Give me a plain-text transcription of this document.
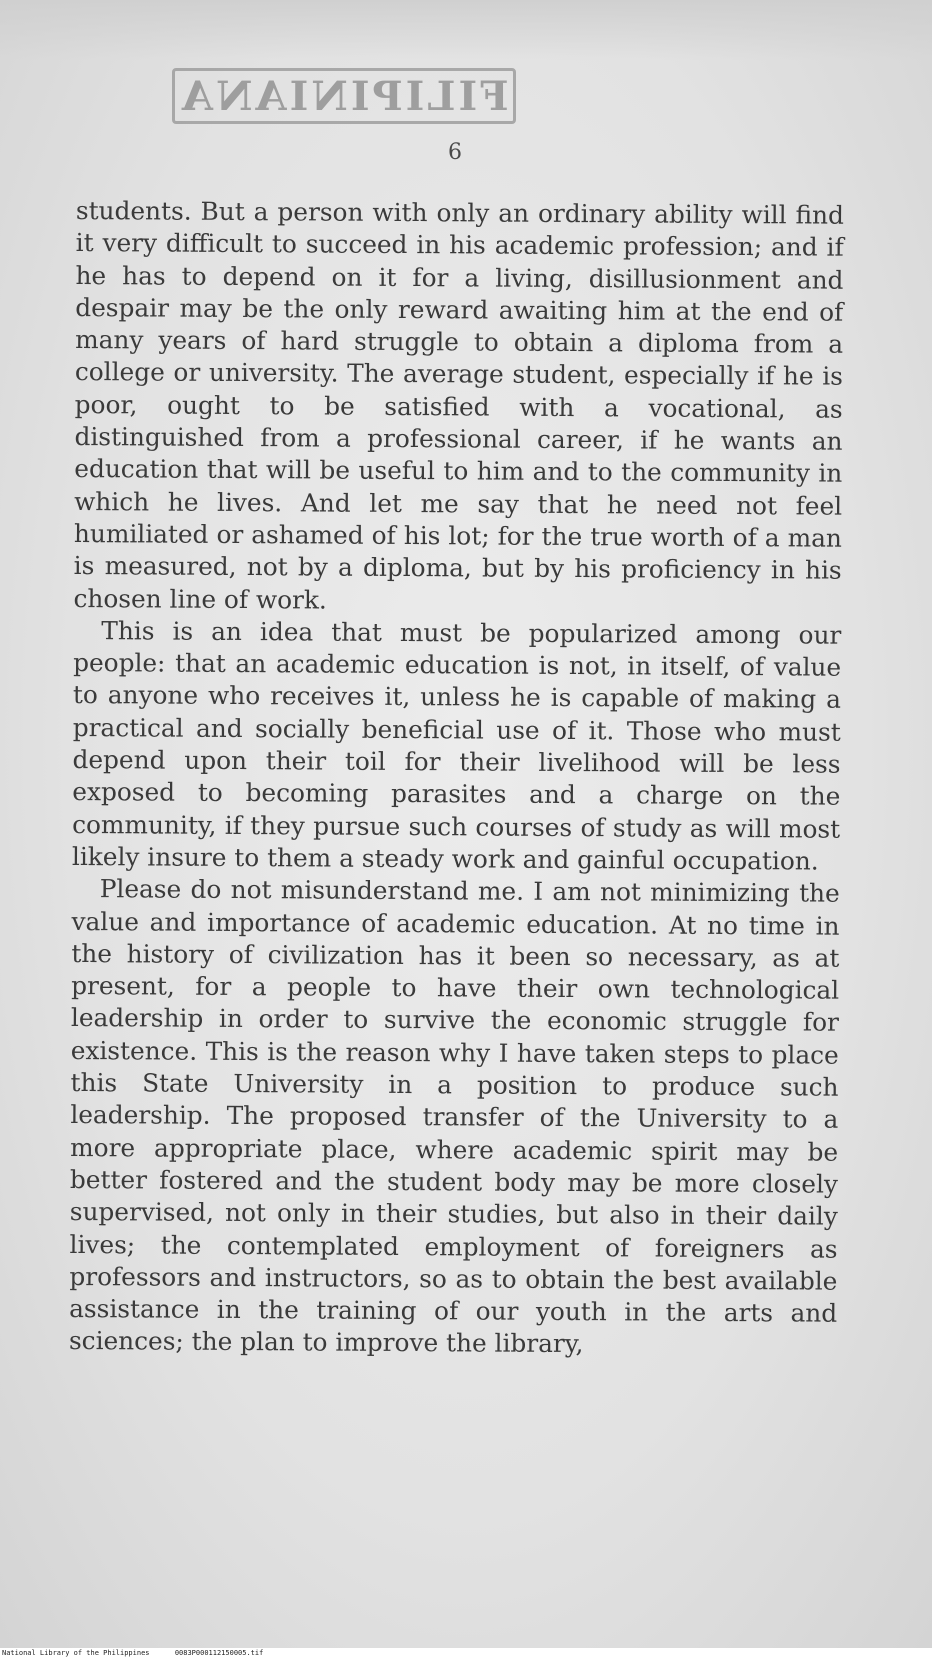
FILIPINIANA
6

students. But a person with only an ordinary ability will find it very difficult to succeed in his academic profession; and if he has to depend on it for a living, disillusionment and despair may be the only reward awaiting him at the end of many years of hard struggle to obtain a diploma from a college or university. The average student, especially if he is poor, ought to be satisfied with a vocational, as distinguished from a professional career, if he wants an education that will be useful to him and to the community in which he lives. And let me say that he need not feel humiliated or ashamed of his lot; for the true worth of a man is measured, not by a diploma, but by his proficiency in his chosen line of work.

This is an idea that must be popularized among our people: that an academic education is not, in itself, of value to anyone who receives it, unless he is capable of making a practical and socially beneficial use of it. Those who must depend upon their toil for their livelihood will be less exposed to becoming parasites and a charge on the community, if they pursue such courses of study as will most likely insure to them a steady work and gainful occupation.

Please do not misunderstand me. I am not minimizing the value and importance of academic education. At no time in the history of civilization has it been so necessary, as at present, for a people to have their own technological leadership in order to survive the economic struggle for existence. This is the reason why I have taken steps to place this State University in a position to produce such leadership. The proposed transfer of the University to a more appropriate place, where academic spirit may be better fostered and the student body may be more closely supervised, not only in their studies, but also in their daily lives; the contemplated employment of foreigners as professors and instructors, so as to obtain the best available assistance in the training of our youth in the arts and sciences; the plan to improve the library,

National Library of the Philippines	0083P000112150005.tif
